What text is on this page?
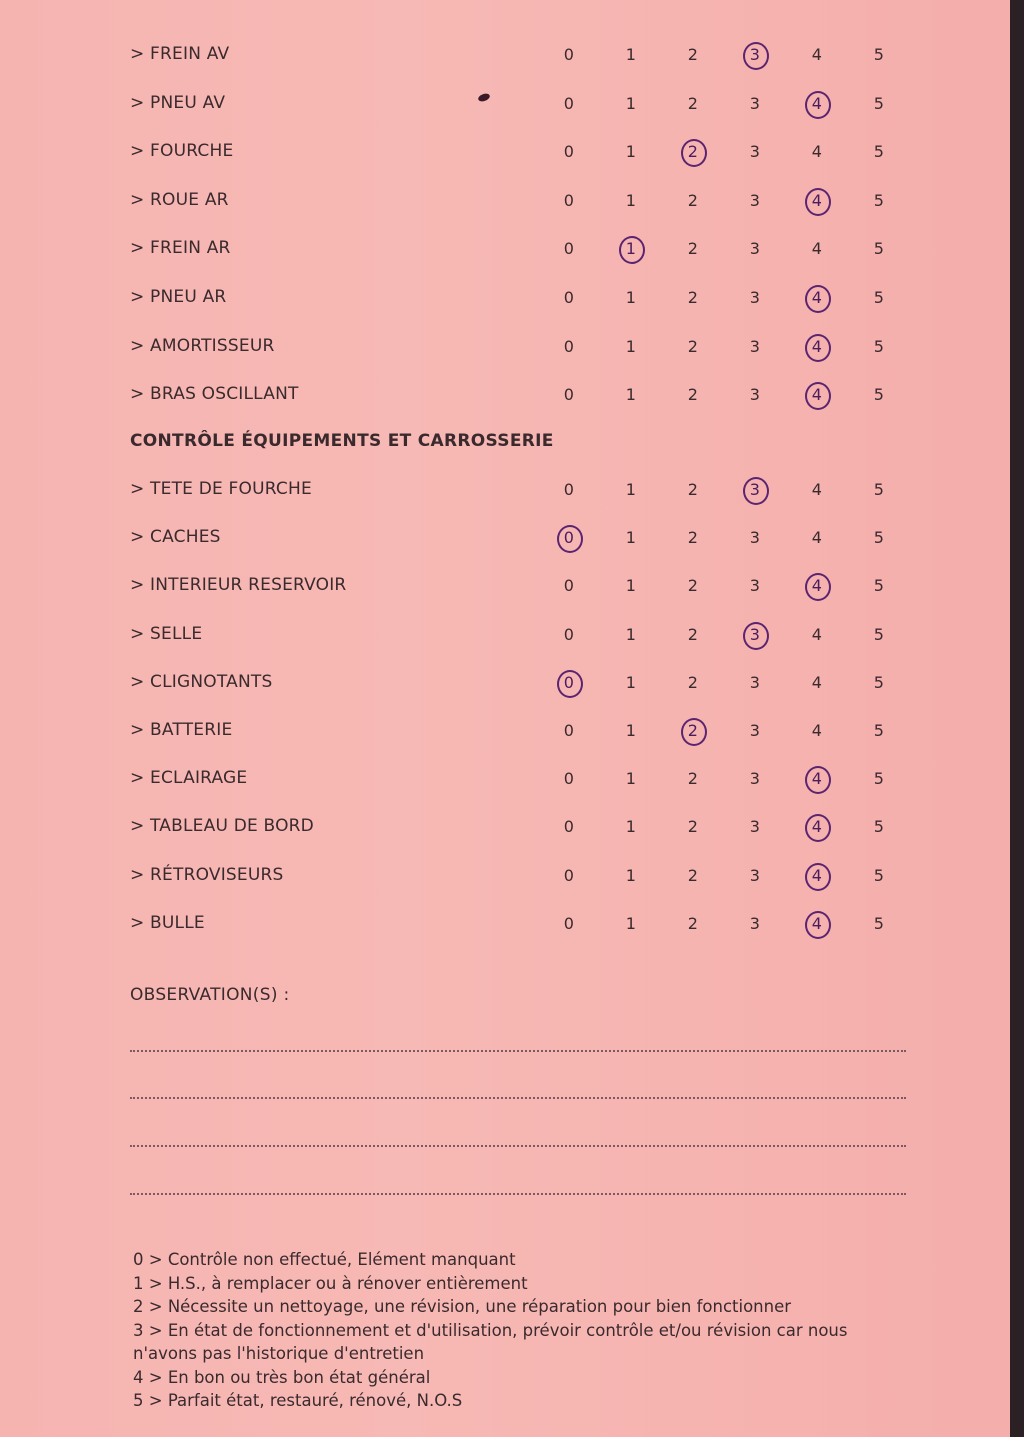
> FREIN AV	0	1	2	3	4	5
> PNEU AV	0	1	2	3	4	5
> FOURCHE	0	1	2	3	4	5
> ROUE AR	0	1	2	3	4	5
> FREIN AR	0	1	2	3	4	5
> PNEU AR	0	1	2	3	4	5
> AMORTISSEUR	0	1	2	3	4	5
> BRAS OSCILLANT	0	1	2	3	4	5
CONTRÔLE ÉQUIPEMENTS ET CARROSSERIE
> TETE DE FOURCHE	0	1	2	3	4	5
> CACHES	0	1	2	3	4	5
> INTERIEUR RESERVOIR	0	1	2	3	4	5
> SELLE	0	1	2	3	4	5
> CLIGNOTANTS	0	1	2	3	4	5
> BATTERIE	0	1	2	3	4	5
> ECLAIRAGE	0	1	2	3	4	5
> TABLEAU DE BORD	0	1	2	3	4	5
> RÉTROVISEURS	0	1	2	3	4	5
> BULLE	0	1	2	3	4	5
OBSERVATION(S) :
0 > Contrôle non effectué, Elément manquant
1 > H.S., à remplacer ou à rénover entièrement
2 > Nécessite un nettoyage, une révision, une réparation pour bien fonctionner
3 > En état de fonctionnement et d'utilisation, prévoir contrôle et/ou révision car nous n'avons pas l'historique d'entretien
4 > En bon ou très bon état général
5 > Parfait état, restauré, rénové, N.O.S
